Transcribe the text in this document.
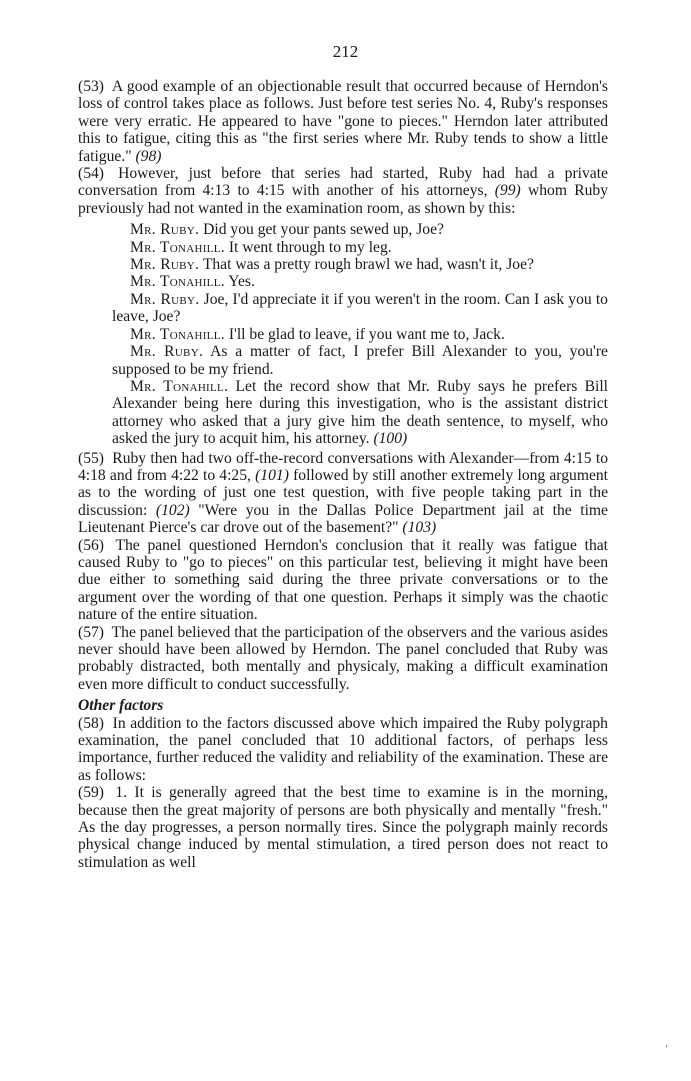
212

(53) A good example of an objectionable result that occurred because of Herndon's loss of control takes place as follows. Just before test series No. 4, Ruby's responses were very erratic. He appeared to have "gone to pieces." Herndon later attributed this to fatigue, citing this as "the first series where Mr. Ruby tends to show a little fatigue." (98)

(54) However, just before that series had started, Ruby had had a private conversation from 4:13 to 4:15 with another of his attorneys, (99) whom Ruby previously had not wanted in the examination room, as shown by this:

Mr. Ruby. Did you get your pants sewed up, Joe?

Mr. Tonahill. It went through to my leg.

Mr. Ruby. That was a pretty rough brawl we had, wasn't it, Joe?

Mr. Tonahill. Yes.

Mr. Ruby. Joe, I'd appreciate it if you weren't in the room. Can I ask you to leave, Joe?

Mr. Tonahill. I'll be glad to leave, if you want me to, Jack.

Mr. Ruby. As a matter of fact, I prefer Bill Alexander to you, you're supposed to be my friend.

Mr. Tonahill. Let the record show that Mr. Ruby says he prefers Bill Alexander being here during this investigation, who is the assistant district attorney who asked that a jury give him the death sentence, to myself, who asked the jury to acquit him, his attorney. (100)

(55) Ruby then had two off-the-record conversations with Alexander—from 4:15 to 4:18 and from 4:22 to 4:25, (101) followed by still another extremely long argument as to the wording of just one test question, with five people taking part in the discussion: (102) "Were you in the Dallas Police Department jail at the time Lieutenant Pierce's car drove out of the basement?" (103)

(56) The panel questioned Herndon's conclusion that it really was fatigue that caused Ruby to "go to pieces" on this particular test, believing it might have been due either to something said during the three private conversations or to the argument over the wording of that one question. Perhaps it simply was the chaotic nature of the entire situation.

(57) The panel believed that the participation of the observers and the various asides never should have been allowed by Herndon. The panel concluded that Ruby was probably distracted, both mentally and physicaly, making a difficult examination even more difficult to conduct successfully.

Other factors

(58) In addition to the factors discussed above which impaired the Ruby polygraph examination, the panel concluded that 10 additional factors, of perhaps less importance, further reduced the validity and reliability of the examination. These are as follows:

(59) 1. It is generally agreed that the best time to examine is in the morning, because then the great majority of persons are both physically and mentally "fresh." As the day progresses, a person normally tires. Since the polygraph mainly records physical change induced by mental stimulation, a tired person does not react to stimulation as well

‘
